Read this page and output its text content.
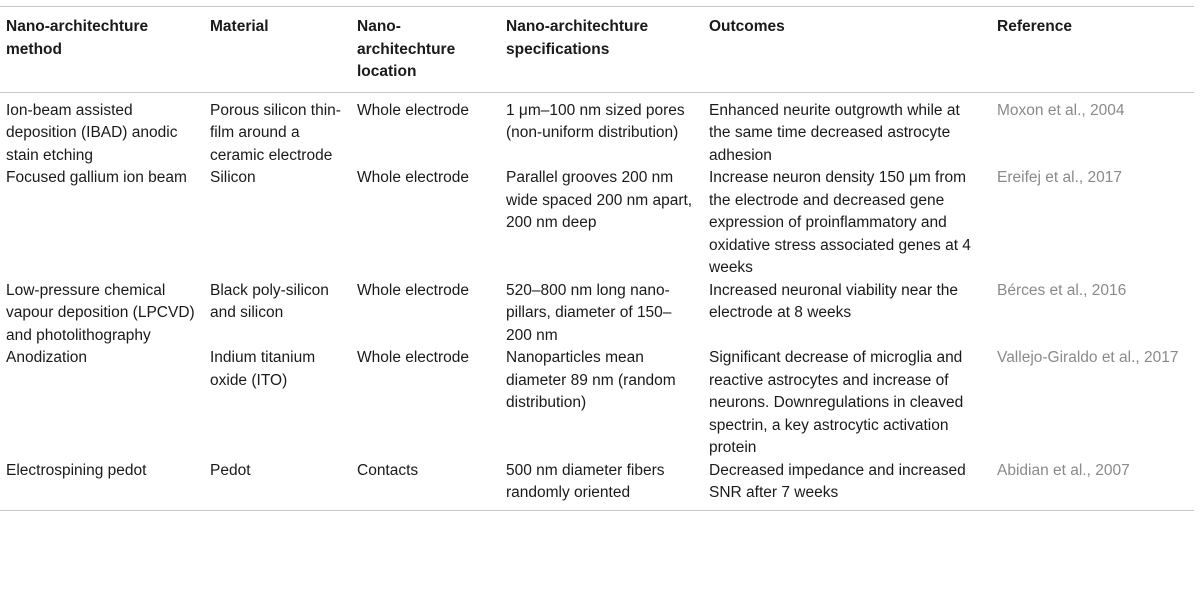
Nano-architechture method	Material	Nano-architechture location	Nano-architechture specifications	Outcomes	Reference
Ion-beam assisted deposition (IBAD) anodic stain etching	Porous silicon thin-film around a ceramic electrode	Whole electrode	1 μm–100 nm sized pores (non-uniform distribution)	Enhanced neurite outgrowth while at the same time decreased astrocyte adhesion	Moxon et al., 2004
Focused gallium ion beam	Silicon	Whole electrode	Parallel grooves 200 nm wide spaced 200 nm apart, 200 nm deep	Increase neuron density 150 μm from the electrode and decreased gene expression of proinflammatory and oxidative stress associated genes at 4 weeks	Ereifej et al., 2017
Low-pressure chemical vapour deposition (LPCVD) and photolithography	Black poly-silicon and silicon	Whole electrode	520–800 nm long nano-pillars, diameter of 150–200 nm	Increased neuronal viability near the electrode at 8 weeks	Bérces et al., 2016
Anodization	Indium titanium oxide (ITO)	Whole electrode	Nanoparticles mean diameter 89 nm (random distribution)	Significant decrease of microglia and reactive astrocytes and increase of neurons. Downregulations in cleaved spectrin, a key astrocytic activation protein	Vallejo-Giraldo et al., 2017
Electrospining pedot	Pedot	Contacts	500 nm diameter fibers randomly oriented	Decreased impedance and increased SNR after 7 weeks	Abidian et al., 2007
